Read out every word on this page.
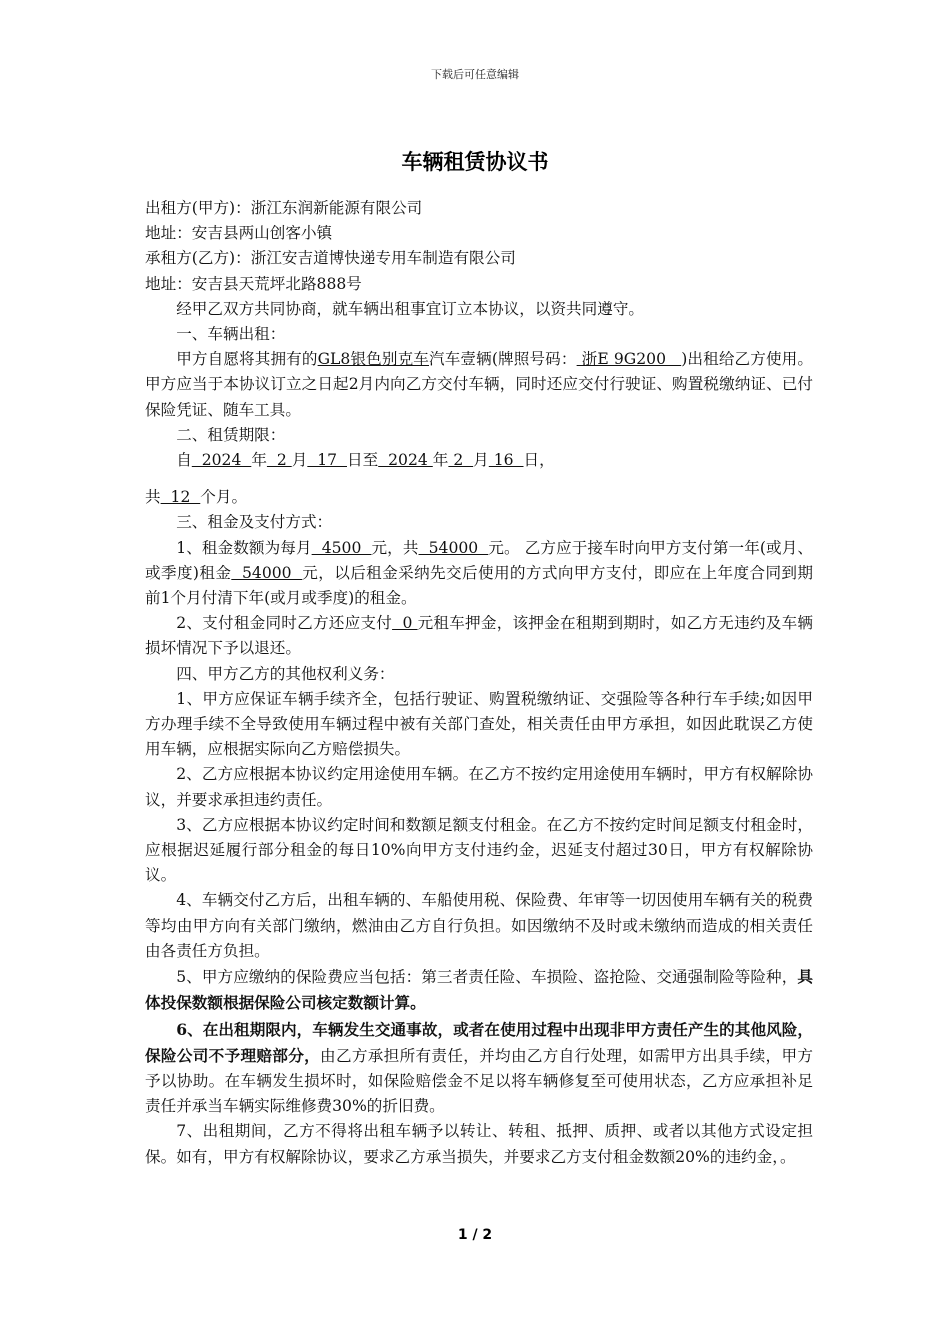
下载后可任意编辑
车辆租赁协议书

出租方(甲方)：浙江东润新能源有限公司

地址：安吉县两山创客小镇

承租方(乙方)：浙江安吉道博快递专用车制造有限公司

地址：安吉县天荒坪北路888号

经甲乙双方共同协商，就车辆出租事宜订立本协议，以资共同遵守。

一、车辆出租：

甲方自愿将其拥有的GL8银色别克车汽车壹辆(牌照号码： 浙E 9G200   )出租给乙方使用。甲方应当于本协议订立之日起2月内向乙方交付车辆，同时还应交付行驶证、购置税缴纳证、已付保险凭证、随车工具。

二、租赁期限：

自  2024  年  2 月  17  日至  2024 年 2  月 16  日，

共  12  个月。

三、租金及支付方式：

1、租金数额为每月  4500  元，共  54000  元。 乙方应于接车时向甲方支付第一年(或月、或季度)租金  54000  元，以后租金采纳先交后使用的方式向甲方支付，即应在上年度合同到期前1个月付清下年(或月或季度)的租金。

2、支付租金同时乙方还应支付  0 元租车押金，该押金在租期到期时，如乙方无违约及车辆损坏情况下予以退还。

四、甲方乙方的其他权利义务：

1、甲方应保证车辆手续齐全，包括行驶证、购置税缴纳证、交强险等各种行车手续;如因甲方办理手续不全导致使用车辆过程中被有关部门查处，相关责任由甲方承担，如因此耽误乙方使用车辆，应根据实际向乙方赔偿损失。

2、乙方应根据本协议约定用途使用车辆。在乙方不按约定用途使用车辆时，甲方有权解除协议，并要求承担违约责任。

3、乙方应根据本协议约定时间和数额足额支付租金。在乙方不按约定时间足额支付租金时，应根据迟延履行部分租金的每日10%向甲方支付违约金，迟延支付超过30日，甲方有权解除协议。

4、车辆交付乙方后，出租车辆的、车船使用税、保险费、年审等一切因使用车辆有关的税费等均由甲方向有关部门缴纳，燃油由乙方自行负担。如因缴纳不及时或未缴纳而造成的相关责任由各责任方负担。

5、甲方应缴纳的保险费应当包括：第三者责任险、车损险、盗抢险、交通强制险等险种，具体投保数额根据保险公司核定数额计算。

6、在出租期限内，车辆发生交通事故，或者在使用过程中出现非甲方责任产生的其他风险，保险公司不予理赔部分，由乙方承担所有责任，并均由乙方自行处理，如需甲方出具手续，甲方予以协助。在车辆发生损坏时，如保险赔偿金不足以将车辆修复至可使用状态，乙方应承担补足责任并承当车辆实际维修费30%的折旧费。

7、出租期间，乙方不得将出租车辆予以转让、转租、抵押、质押、或者以其他方式设定担保。如有，甲方有权解除协议，要求乙方承当损失，并要求乙方支付租金数额20%的违约金，。

1 / 2
